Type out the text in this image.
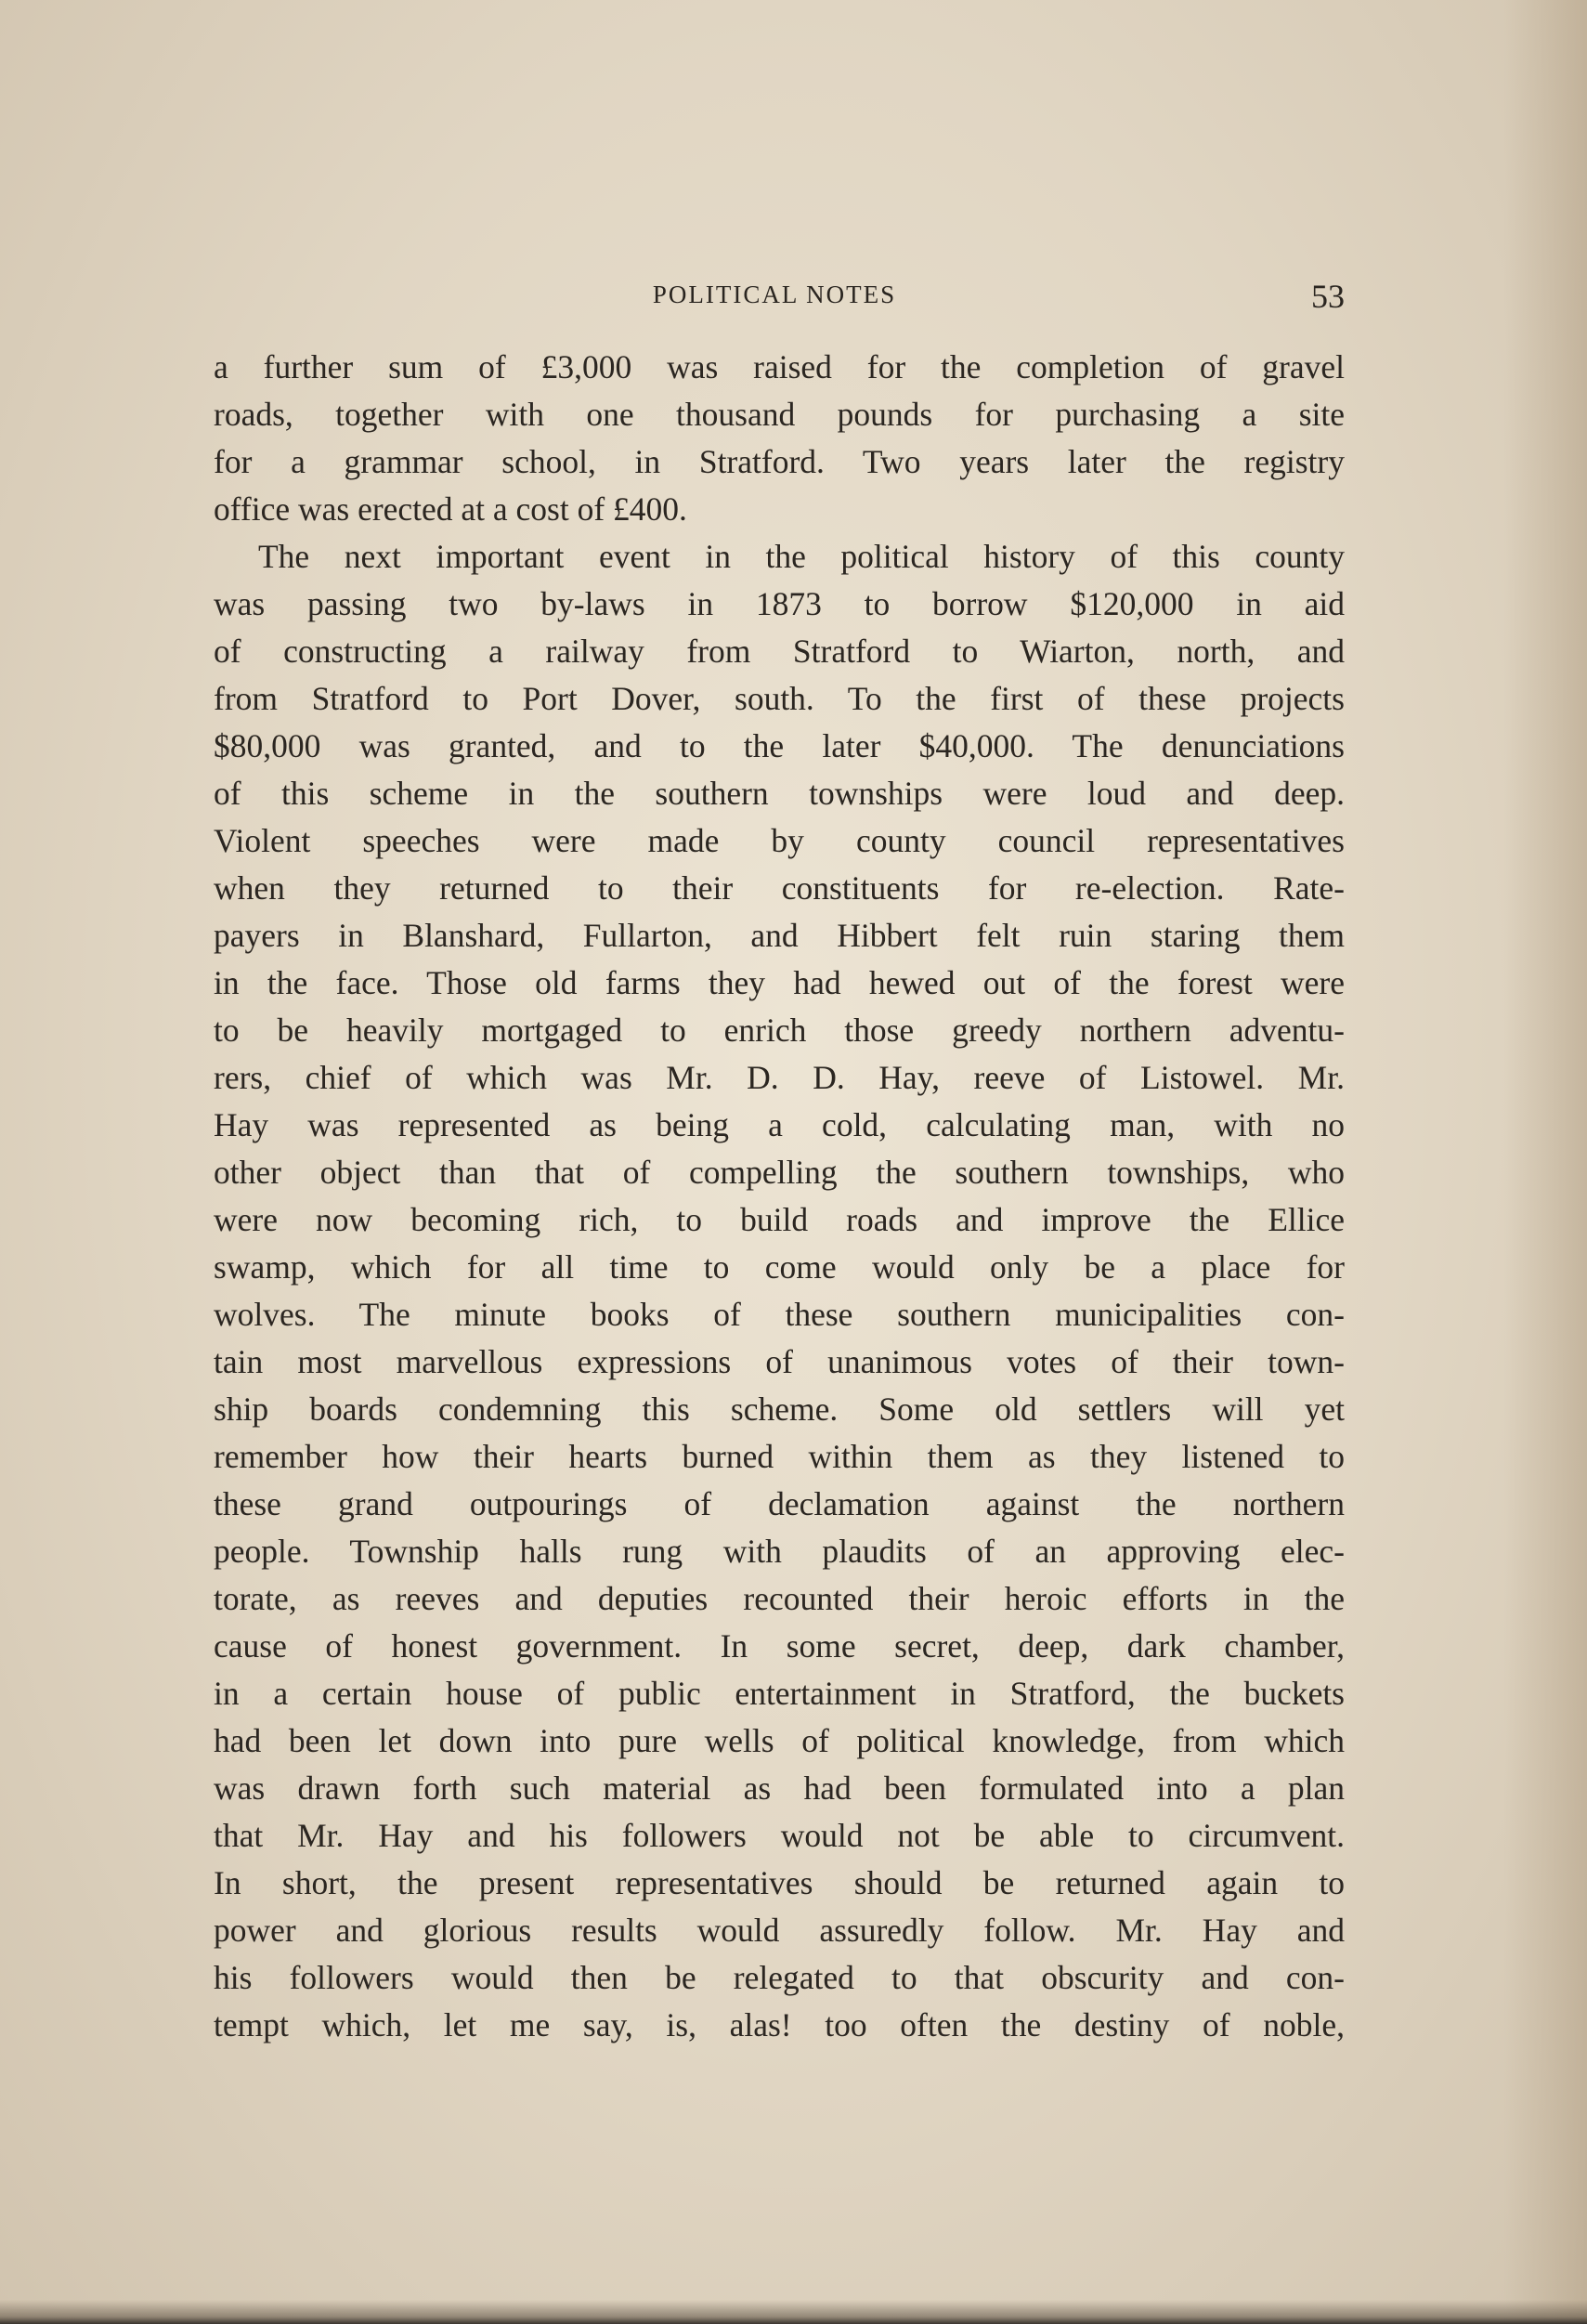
POLITICAL NOTES	53
a further sum of £3,000 was raised for the completion of gravel
roads, together with one thousand pounds for purchasing a site
for a grammar school, in Stratford. Two years later the registry
office was erected at a cost of £400.
The next important event in the political history of this county
was passing two by-laws in 1873 to borrow $120,000 in aid
of constructing a railway from Stratford to Wiarton, north, and
from Stratford to Port Dover, south. To the first of these projects
$80,000 was granted, and to the later $40,000. The denunciations
of this scheme in the southern townships were loud and deep.
Violent speeches were made by county council representatives
when they returned to their constituents for re-election. Rate-
payers in Blanshard, Fullarton, and Hibbert felt ruin staring them
in the face. Those old farms they had hewed out of the forest were
to be heavily mortgaged to enrich those greedy northern adventu-
rers, chief of which was Mr. D. D. Hay, reeve of Listowel. Mr.
Hay was represented as being a cold, calculating man, with no
other object than that of compelling the southern townships, who
were now becoming rich, to build roads and improve the Ellice
swamp, which for all time to come would only be a place for
wolves. The minute books of these southern municipalities con-
tain most marvellous expressions of unanimous votes of their town-
ship boards condemning this scheme. Some old settlers will yet
remember how their hearts burned within them as they listened to
these grand outpourings of declamation against the northern
people. Township halls rung with plaudits of an approving elec-
torate, as reeves and deputies recounted their heroic efforts in the
cause of honest government. In some secret, deep, dark chamber,
in a certain house of public entertainment in Stratford, the buckets
had been let down into pure wells of political knowledge, from which
was drawn forth such material as had been formulated into a plan
that Mr. Hay and his followers would not be able to circumvent.
In short, the present representatives should be returned again to
power and glorious results would assuredly follow. Mr. Hay and
his followers would then be relegated to that obscurity and con-
tempt which, let me say, is, alas! too often the destiny of noble,
